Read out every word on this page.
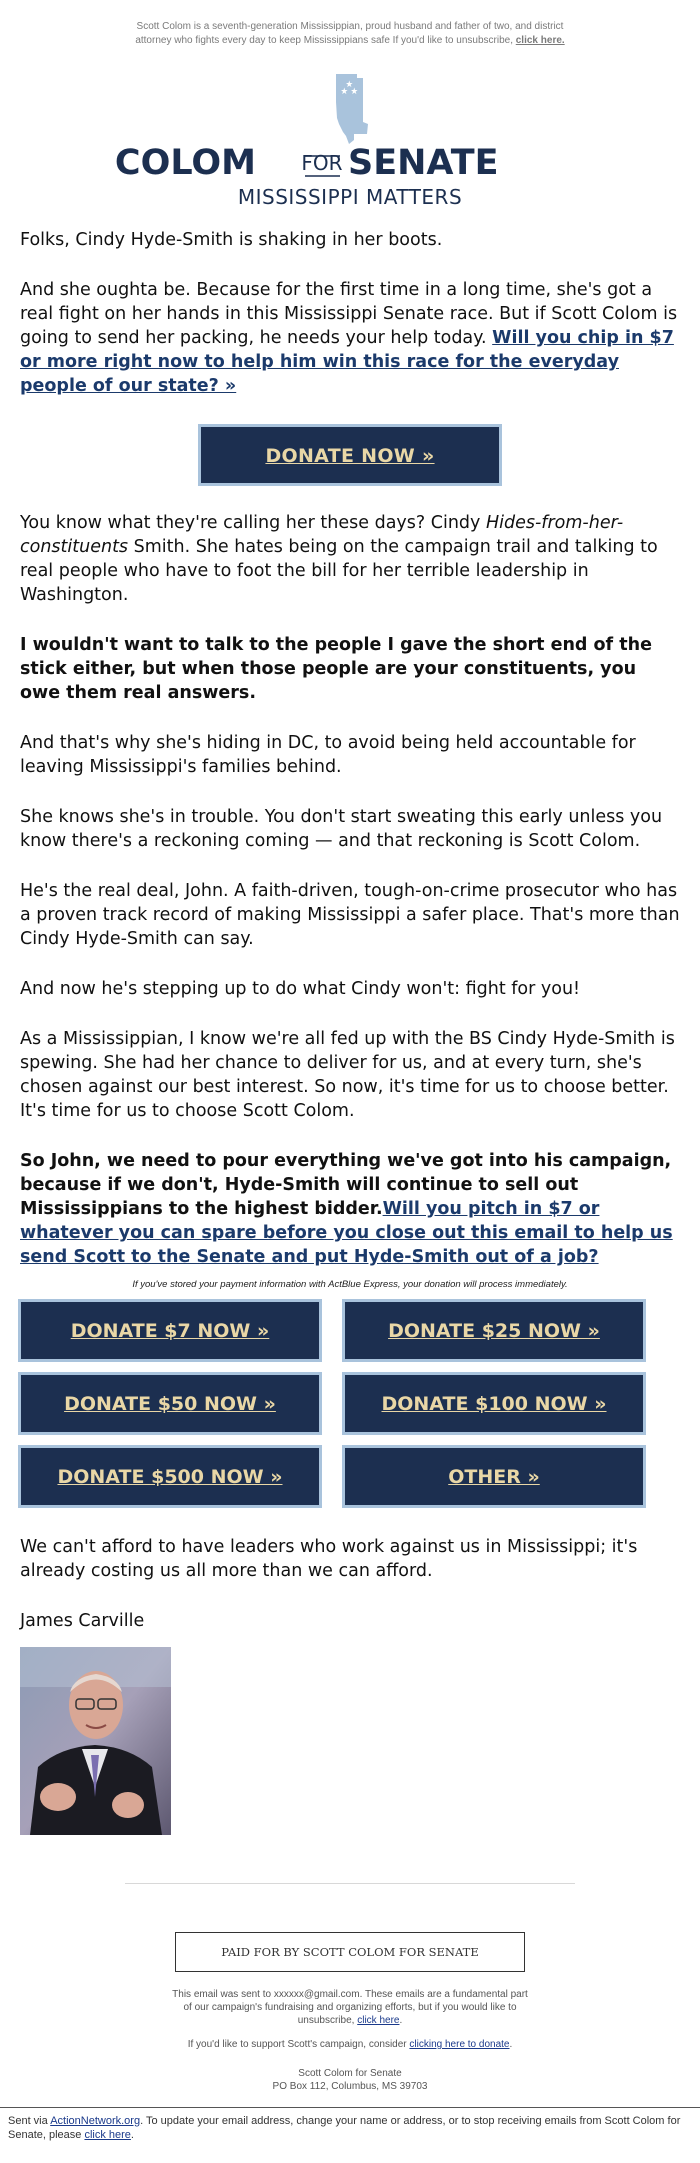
Scott Colom is a seventh-generation Mississippian, proud husband and father of two, and district attorney who fights every day to keep Mississippians safe If you'd like to unsubscribe, click here.
COLOM FOR SENATE
MISSISSIPPI MATTERS

Folks, Cindy Hyde-Smith is shaking in her boots.

And she oughta be. Because for the first time in a long time, she's got a real fight on her hands in this Mississippi Senate race. But if Scott Colom is going to send her packing, he needs your help today. Will you chip in $7 or more right now to help him win this race for the everyday people of our state? »

DONATE NOW »

You know what they're calling her these days? Cindy Hides-from-her-constituents Smith. She hates being on the campaign trail and talking to real people who have to foot the bill for her terrible leadership in Washington.

I wouldn't want to talk to the people I gave the short end of the stick either, but when those people are your constituents, you owe them real answers.

And that's why she's hiding in DC, to avoid being held accountable for leaving Mississippi's families behind.

She knows she's in trouble. You don't start sweating this early unless you know there's a reckoning coming — and that reckoning is Scott Colom.

He's the real deal, John. A faith-driven, tough-on-crime prosecutor who has a proven track record of making Mississippi a safer place. That's more than Cindy Hyde-Smith can say.

And now he's stepping up to do what Cindy won't: fight for you!

As a Mississippian, I know we're all fed up with the BS Cindy Hyde-Smith is spewing. She had her chance to deliver for us, and at every turn, she's chosen against our best interest. So now, it's time for us to choose better. It's time for us to choose Scott Colom.

So John, we need to pour everything we've got into his campaign, because if we don't, Hyde-Smith will continue to sell out Mississippians to the highest bidder.Will you pitch in $7 or whatever you can spare before you close out this email to help us send Scott to the Senate and put Hyde-Smith out of a job?

If you've stored your payment information with ActBlue Express, your donation will process immediately.
DONATE $7 NOW »	DONATE $25 NOW »
DONATE $50 NOW »	DONATE $100 NOW »
DONATE $500 NOW »	OTHER »

We can't afford to have leaders who work against us in Mississippi; it's already costing us all more than we can afford.

James Carville

PAID FOR BY SCOTT COLOM FOR SENATE
This email was sent to xxxxxx@gmail.com. These emails are a fundamental part of our campaign's fundraising and organizing efforts, but if you would like to unsubscribe, click here.
If you'd like to support Scott's campaign, consider clicking here to donate.
Scott Colom for Senate
PO Box 112, Columbus, MS 39703
Sent via ActionNetwork.org. To update your email address, change your name or address, or to stop receiving emails from Scott Colom for Senate, please click here.
